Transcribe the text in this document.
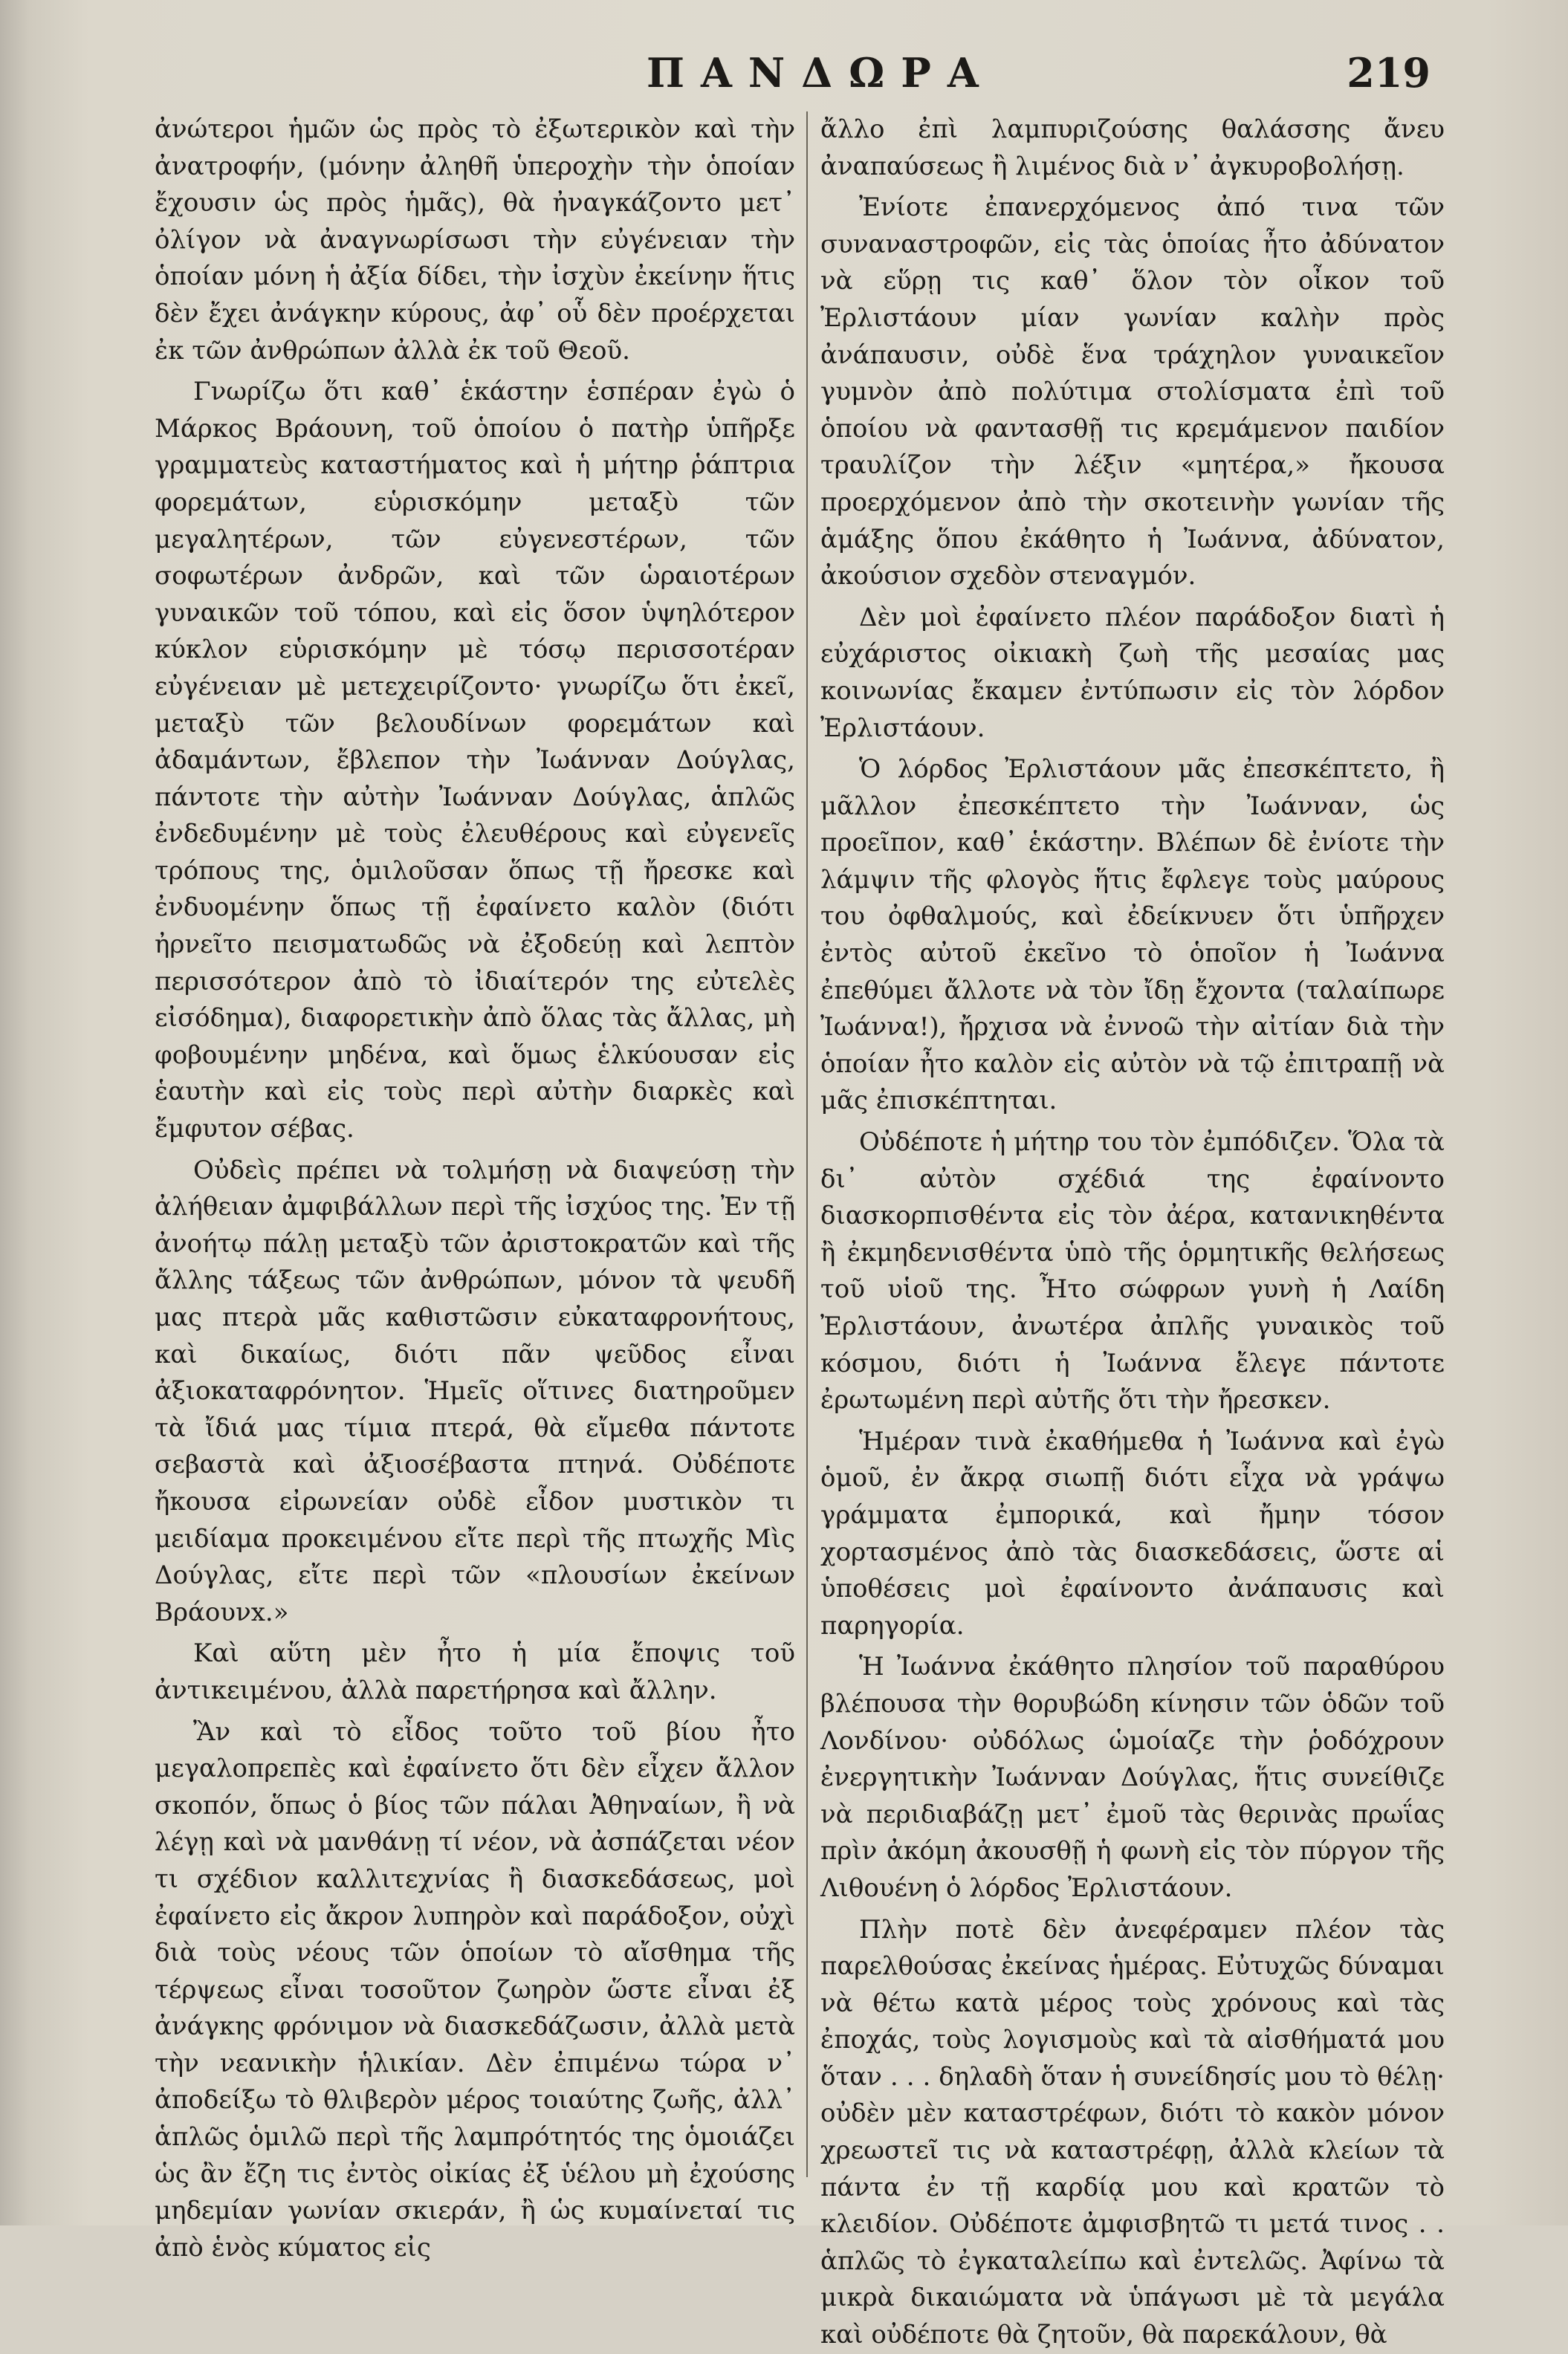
ΠΑΝΔΩΡΑ	219

ἀνώτεροι ἡμῶν ὡς πρὸς τὸ ἐξωτερικὸν καὶ τὴν ἀνατροφήν, (μόνην ἀληθῆ ὑπεροχὴν τὴν ὁποίαν ἔχουσιν ὡς πρὸς ἡμᾶς), θὰ ἠναγκάζοντο μετ᾽ ὀλίγον νὰ ἀναγνωρίσωσι τὴν εὐγένειαν τὴν ὁποίαν μόνη ἡ ἀξία δίδει, τὴν ἰσχὺν ἐκείνην ἥτις δὲν ἔχει ἀνάγκην κύρους, ἀφ᾽ οὗ δὲν προέρχεται ἐκ τῶν ἀνθρώπων ἀλλὰ ἐκ τοῦ Θεοῦ.

Γνωρίζω ὅτι καθ᾽ ἑκάστην ἑσπέραν ἐγὼ ὁ Μάρκος Βράουνη, τοῦ ὁποίου ὁ πατὴρ ὑπῆρξε γραμματεὺς καταστήματος καὶ ἡ μήτηρ ῥάπτρια φορεμάτων, εὑρισκόμην μεταξὺ τῶν μεγαλητέρων, τῶν εὐγενεστέρων, τῶν σοφωτέρων ἀνδρῶν, καὶ τῶν ὡραιοτέρων γυναικῶν τοῦ τόπου, καὶ εἰς ὅσον ὑψηλότερον κύκλον εὑρισκόμην μὲ τόσῳ περισσοτέραν εὐγένειαν μὲ μετεχειρίζοντο· γνωρίζω ὅτι ἐκεῖ, μεταξὺ τῶν βελουδίνων φορεμάτων καὶ ἀδαμάντων, ἔβλεπον τὴν Ἰωάνναν Δούγλας, πάντοτε τὴν αὐτὴν Ἰωάνναν Δούγλας, ἁπλῶς ἐνδεδυμένην μὲ τοὺς ἐλευθέρους καὶ εὐγενεῖς τρόπους της, ὁμιλοῦσαν ὅπως τῇ ἤρεσκε καὶ ἐνδυομένην ὅπως τῇ ἐφαίνετο καλὸν (διότι ἠρνεῖτο πεισματωδῶς νὰ ἐξοδεύῃ καὶ λεπτὸν περισσότερον ἀπὸ τὸ ἰδιαίτερόν της εὐτελὲς εἰσόδημα), διαφορετικὴν ἀπὸ ὅλας τὰς ἄλλας, μὴ φοβουμένην μηδένα, καὶ ὅμως ἑλκύουσαν εἰς ἑαυτὴν καὶ εἰς τοὺς περὶ αὐτὴν διαρκὲς καὶ ἔμφυτον σέβας.

Οὐδεὶς πρέπει νὰ τολμήσῃ νὰ διαψεύσῃ τὴν ἀλήθειαν ἀμφιβάλλων περὶ τῆς ἰσχύος της. Ἐν τῇ ἀνοήτῳ πάλῃ μεταξὺ τῶν ἀριστοκρατῶν καὶ τῆς ἄλλης τάξεως τῶν ἀνθρώπων, μόνον τὰ ψευδῆ μας πτερὰ μᾶς καθιστῶσιν εὐκαταφρονήτους, καὶ δικαίως, διότι πᾶν ψεῦδος εἶναι ἀξιοκαταφρόνητον. Ἡμεῖς οἵτινες διατηροῦμεν τὰ ἴδιά μας τίμια πτερά, θὰ εἴμεθα πάντοτε σεβαστὰ καὶ ἀξιοσέβαστα πτηνά. Οὐδέποτε ἤκουσα εἰρωνείαν οὐδὲ εἶδον μυστικὸν τι μειδίαμα προκειμένου εἴτε περὶ τῆς πτωχῆς Μὶς Δούγλας, εἴτε περὶ τῶν «πλουσίων ἐκείνων Βράουνx.»

Καὶ αὕτη μὲν ἦτο ἡ μία ἔποψις τοῦ ἀντικειμένου, ἀλλὰ παρετήρησα καὶ ἄλλην.

Ἂν καὶ τὸ εἶδος τοῦτο τοῦ βίου ἦτο μεγαλοπρεπὲς καὶ ἐφαίνετο ὅτι δὲν εἶχεν ἄλλον σκοπόν, ὅπως ὁ βίος τῶν πάλαι Ἀθηναίων, ἢ νὰ λέγῃ καὶ νὰ μανθάνῃ τί νέον, νὰ ἀσπάζεται νέον τι σχέδιον καλλιτεχνίας ἢ διασκεδάσεως, μοὶ ἐφαίνετο εἰς ἄκρον λυπηρὸν καὶ παράδοξον, οὐχὶ διὰ τοὺς νέους τῶν ὁποίων τὸ αἴσθημα τῆς τέρψεως εἶναι τοσοῦτον ζωηρὸν ὥστε εἶναι ἐξ ἀνάγκης φρόνιμον νὰ διασκεδάζωσιν, ἀλλὰ μετὰ τὴν νεανικὴν ἡλικίαν. Δὲν ἐπιμένω τώρα ν᾽ ἀποδείξω τὸ θλιβερὸν μέρος τοιαύτης ζωῆς, ἀλλ᾽ ἁπλῶς ὁμιλῶ περὶ τῆς λαμπρότητός της ὁμοιάζει ὡς ἂν ἔζη τις ἐντὸς οἰκίας ἐξ ὑέλου μὴ ἐχούσης μηδεμίαν γωνίαν σκιεράν, ἢ ὡς κυμαίνεταί τις ἀπὸ ἑνὸς κύματος εἰς

ἄλλο ἐπὶ λαμπυριζούσης θαλάσσης ἄνευ ἀναπαύσεως ἢ λιμένος διὰ ν᾽ ἀγκυροβολήσῃ.

Ἐνίοτε ἐπανερχόμενος ἀπό τινα τῶν συναναστροφῶν, εἰς τὰς ὁποίας ἦτο ἀδύνατον νὰ εὕρῃ τις καθ᾽ ὅλον τὸν οἶκον τοῦ Ἐρλιστάουν μίαν γωνίαν καλὴν πρὸς ἀνάπαυσιν, οὐδὲ ἕνα τράχηλον γυναικεῖον γυμνὸν ἀπὸ πολύτιμα στολίσματα ἐπὶ τοῦ ὁποίου νὰ φαντασθῇ τις κρεμάμενον παιδίον τραυλίζον τὴν λέξιν «μητέρα,» ἤκουσα προερχόμενον ἀπὸ τὴν σκοτεινὴν γωνίαν τῆς ἁμάξης ὅπου ἐκάθητο ἡ Ἰωάννα, ἀδύνατον, ἀκούσιον σχεδὸν στεναγμόν.

Δὲν μοὶ ἐφαίνετο πλέον παράδοξον διατὶ ἡ εὐχάριστος οἰκιακὴ ζωὴ τῆς μεσαίας μας κοινωνίας ἔκαμεν ἐντύπωσιν εἰς τὸν λόρδον Ἐρλιστάουν.

Ὁ λόρδος Ἐρλιστάουν μᾶς ἐπεσκέπτετο, ἢ μᾶλλον ἐπεσκέπτετο τὴν Ἰωάνναν, ὡς προεῖπον, καθ᾽ ἑκάστην. Βλέπων δὲ ἐνίοτε τὴν λάμψιν τῆς φλογὸς ἥτις ἔφλεγε τοὺς μαύρους του ὀφθαλμούς, καὶ ἐδείκνυεν ὅτι ὑπῆρχεν ἐντὸς αὐτοῦ ἐκεῖνο τὸ ὁποῖον ἡ Ἰωάννα ἐπεθύμει ἄλλοτε νὰ τὸν ἴδῃ ἔχοντα (ταλαίπωρε Ἰωάννα!), ἤρχισα νὰ ἐννοῶ τὴν αἰτίαν διὰ τὴν ὁποίαν ἦτο καλὸν εἰς αὐτὸν νὰ τῷ ἐπιτραπῇ νὰ μᾶς ἐπισκέπτηται.

Οὐδέποτε ἡ μήτηρ του τὸν ἐμπόδιζεν. Ὅλα τὰ δι᾽ αὐτὸν σχέδιά της ἐφαίνοντο διασκορπισθέντα εἰς τὸν ἀέρα, κατανικηθέντα ἢ ἐκμηδενισθέντα ὑπὸ τῆς ὁρμητικῆς θελήσεως τοῦ υἱοῦ της. Ἦτο σώφρων γυνὴ ἡ Λαίδη Ἐρλιστάουν, ἀνωτέρα ἀπλῆς γυναικὸς τοῦ κόσμου, διότι ἡ Ἰωάννα ἔλεγε πάντοτε ἐρωτωμένη περὶ αὐτῆς ὅτι τὴν ἤρεσκεν.

Ἡμέραν τινὰ ἐκαθήμεθα ἡ Ἰωάννα καὶ ἐγὼ ὁμοῦ, ἐν ἄκρᾳ σιωπῇ διότι εἶχα νὰ γράψω γράμματα ἐμπορικά, καὶ ἤμην τόσον χορτασμένος ἀπὸ τὰς διασκεδάσεις, ὥστε αἱ ὑποθέσεις μοὶ ἐφαίνοντο ἀνάπαυσις καὶ παρηγορία.

Ἡ Ἰωάννα ἐκάθητο πλησίον τοῦ παραθύρου βλέπουσα τὴν θορυβώδη κίνησιν τῶν ὁδῶν τοῦ Λονδίνου· οὐδόλως ὡμοίαζε τὴν ῥοδόχρουν ἐνεργητικὴν Ἰωάνναν Δούγλας, ἥτις συνείθιζε νὰ περιδιαβάζῃ μετ᾽ ἐμοῦ τὰς θερινὰς πρωΐας πρὶν ἀκόμη ἀκουσθῇ ἡ φωνὴ εἰς τὸν πύργον τῆς Λιθουένη ὁ λόρδος Ἐρλιστάουν.

Πλὴν ποτὲ δὲν ἀνεφέραμεν πλέον τὰς παρελθούσας ἐκείνας ἡμέρας. Εὐτυχῶς δύναμαι νὰ θέτω κατὰ μέρος τοὺς χρόνους καὶ τὰς ἐποχάς, τοὺς λογισμοὺς καὶ τὰ αἰσθήματά μου ὅταν . . . δηλαδὴ ὅταν ἡ συνείδησίς μου τὸ θέλῃ· οὐδὲν μὲν καταστρέφων, διότι τὸ κακὸν μόνον χρεωστεῖ τις νὰ καταστρέφῃ, ἀλλὰ κλείων τὰ πάντα ἐν τῇ καρδίᾳ μου καὶ κρατῶν τὸ κλειδίον. Οὐδέποτε ἀμφισβητῶ τι μετά τινος . . ἁπλῶς τὸ ἐγκαταλείπω καὶ ἐντελῶς. Ἀφίνω τὰ μικρὰ δικαιώματα νὰ ὑπάγωσι μὲ τὰ μεγάλα καὶ οὐδέποτε θὰ ζητοῦν, θὰ παρεκάλουν, θὰ
